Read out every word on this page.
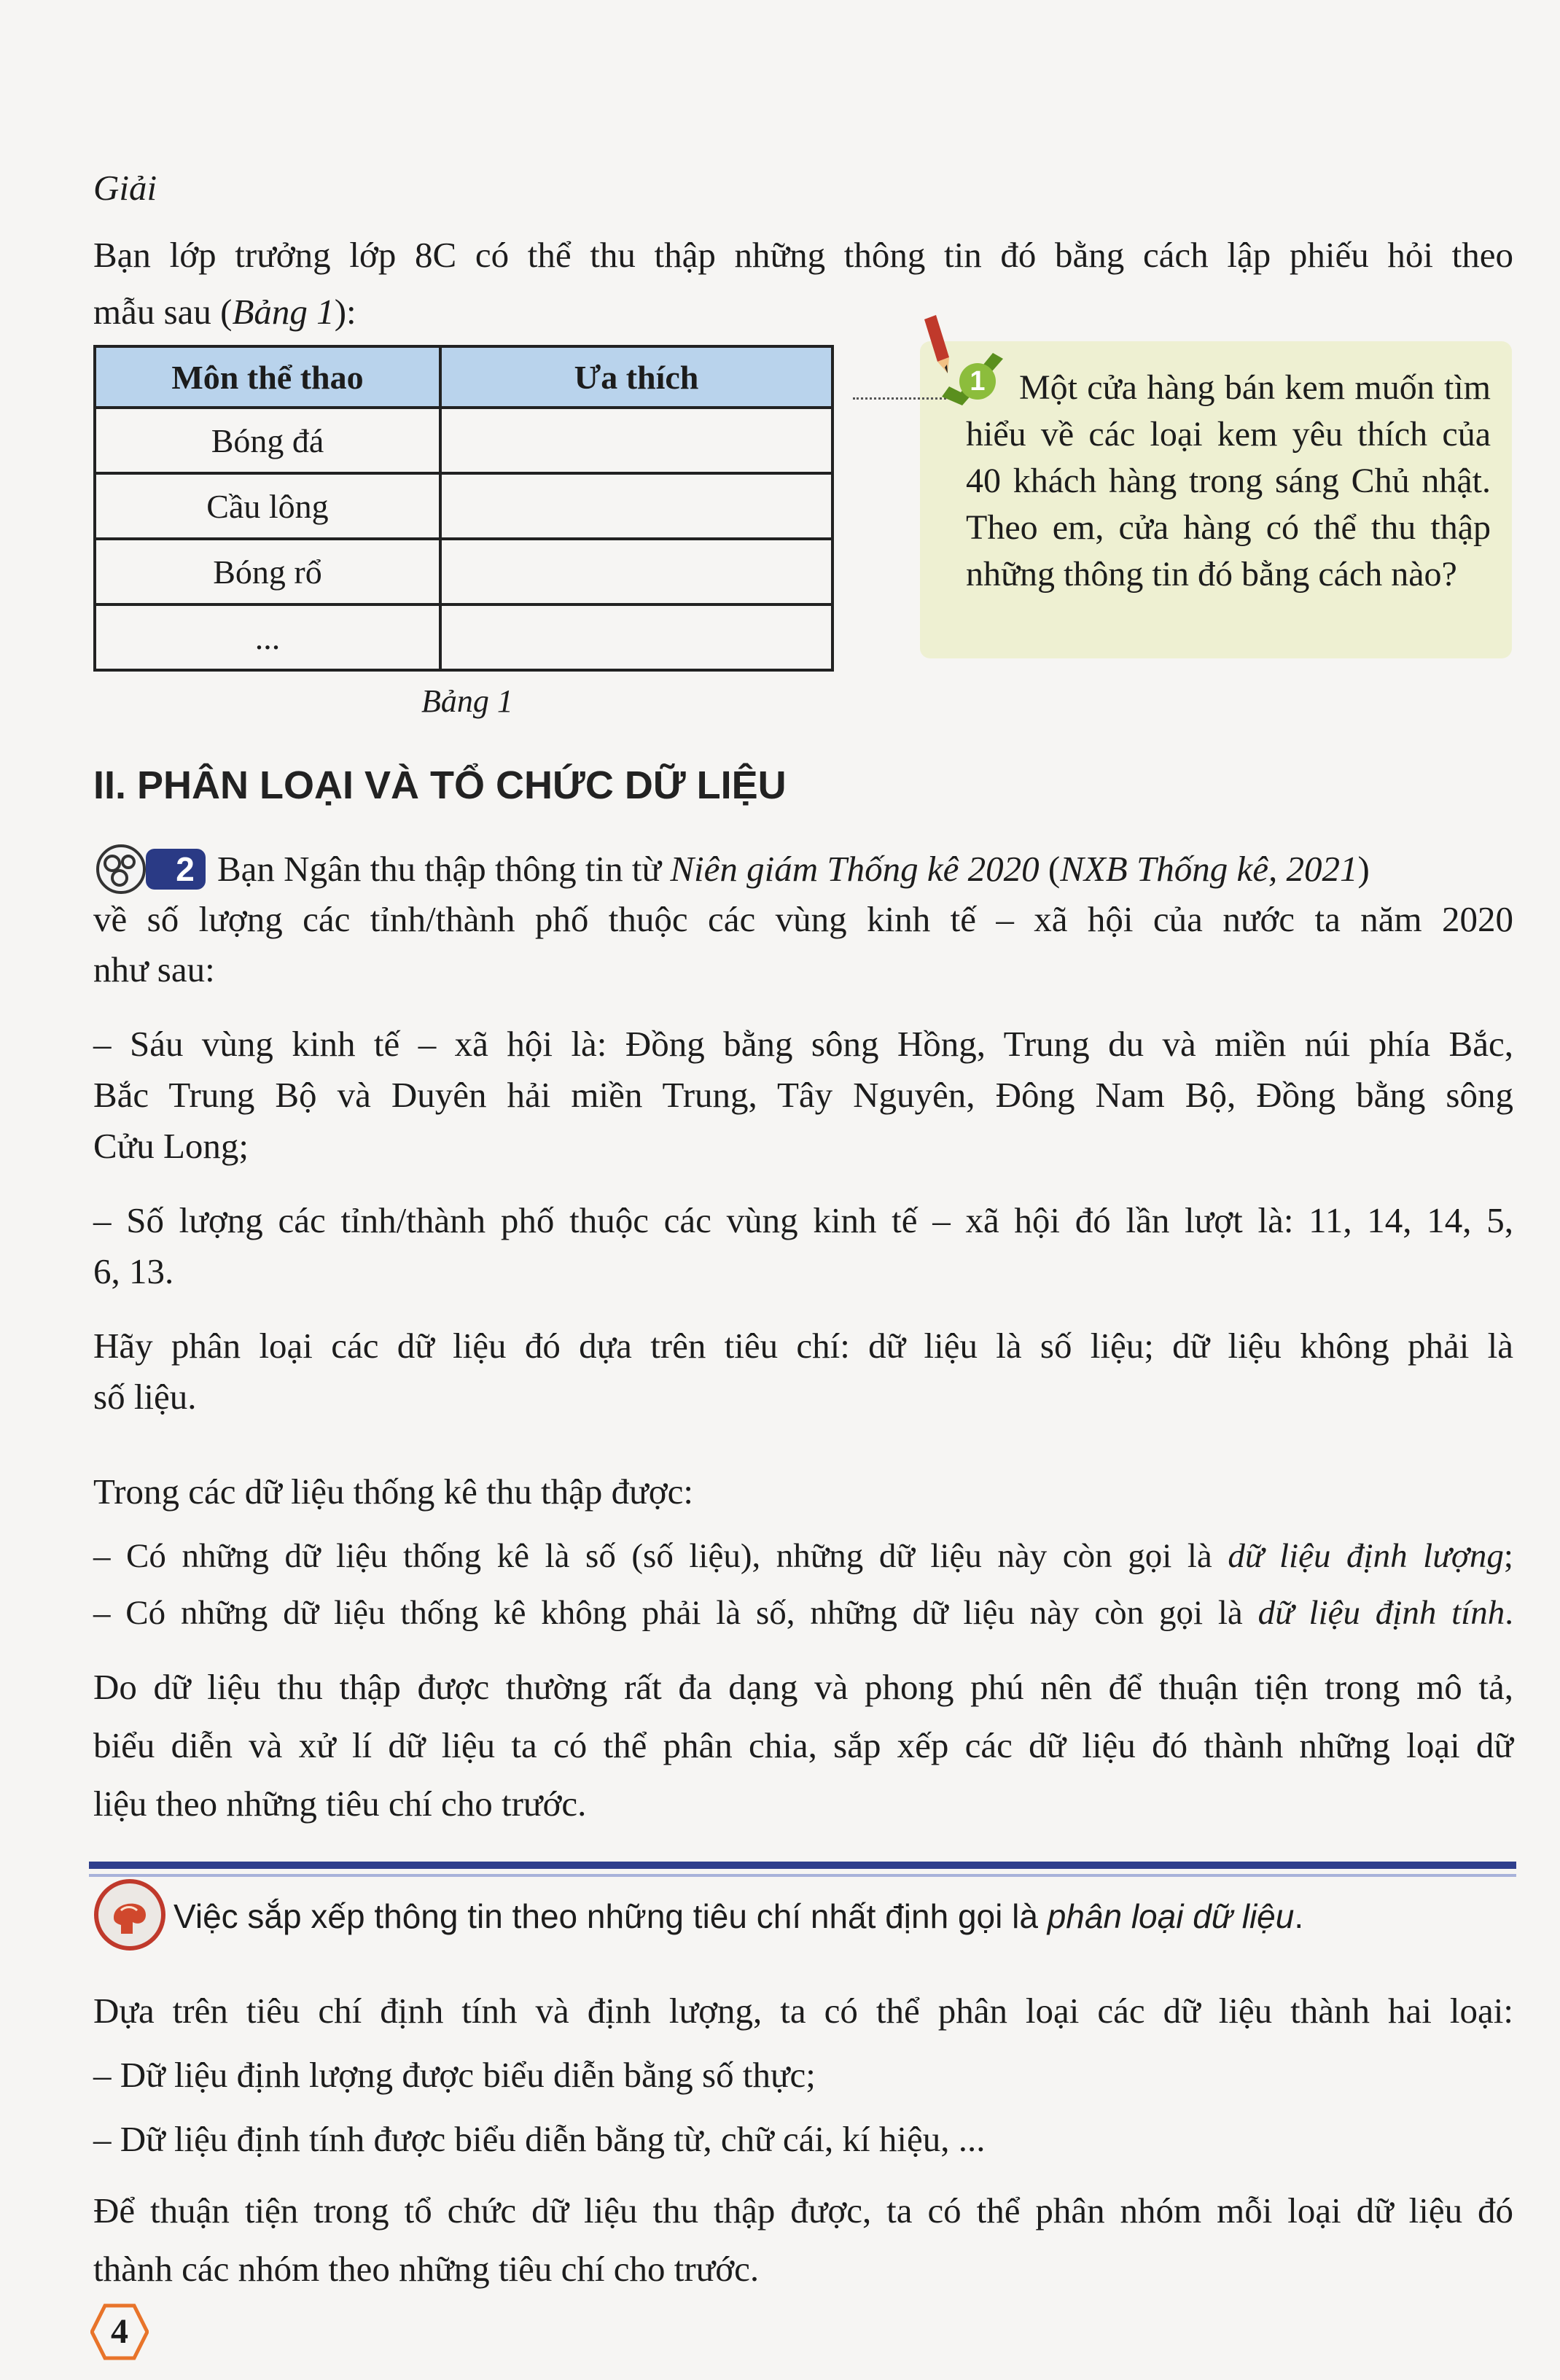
Giải
Bạn lớp trưởng lớp 8C có thể thu thập những thông tin đó bằng cách lập phiếu hỏi theo
mẫu sau (Bảng 1):
Môn thể thao	Ưa thích
Bóng đá	
Cầu lông	
Bóng rổ	
...	
Bảng 1
1 Một cửa hàng bán kem muốn tìm hiểu về các loại kem yêu thích của 40 khách hàng trong sáng Chủ nhật. Theo em, cửa hàng có thể thu thập những thông tin đó bằng cách nào?
II. PHÂN LOẠI VÀ TỔ CHỨC DỮ LIỆU
2 Bạn Ngân thu thập thông tin từ Niên giám Thống kê 2020 (NXB Thống kê, 2021)
về số lượng các tỉnh/thành phố thuộc các vùng kinh tế – xã hội của nước ta năm 2020
như sau:
– Sáu vùng kinh tế – xã hội là: Đồng bằng sông Hồng, Trung du và miền núi phía Bắc,
Bắc Trung Bộ và Duyên hải miền Trung, Tây Nguyên, Đông Nam Bộ, Đồng bằng sông
Cửu Long;
– Số lượng các tỉnh/thành phố thuộc các vùng kinh tế – xã hội đó lần lượt là: 11, 14, 14, 5,
6, 13.
Hãy phân loại các dữ liệu đó dựa trên tiêu chí: dữ liệu là số liệu; dữ liệu không phải là
số liệu.
Trong các dữ liệu thống kê thu thập được:
– Có những dữ liệu thống kê là số (số liệu), những dữ liệu này còn gọi là dữ liệu định lượng;
– Có những dữ liệu thống kê không phải là số, những dữ liệu này còn gọi là dữ liệu định tính.
Do dữ liệu thu thập được thường rất đa dạng và phong phú nên để thuận tiện trong mô tả,
biểu diễn và xử lí dữ liệu ta có thể phân chia, sắp xếp các dữ liệu đó thành những loại dữ
liệu theo những tiêu chí cho trước.
Việc sắp xếp thông tin theo những tiêu chí nhất định gọi là phân loại dữ liệu.
Dựa trên tiêu chí định tính và định lượng, ta có thể phân loại các dữ liệu thành hai loại:
– Dữ liệu định lượng được biểu diễn bằng số thực;
– Dữ liệu định tính được biểu diễn bằng từ, chữ cái, kí hiệu, ...
Để thuận tiện trong tổ chức dữ liệu thu thập được, ta có thể phân nhóm mỗi loại dữ liệu đó
thành các nhóm theo những tiêu chí cho trước.
4
